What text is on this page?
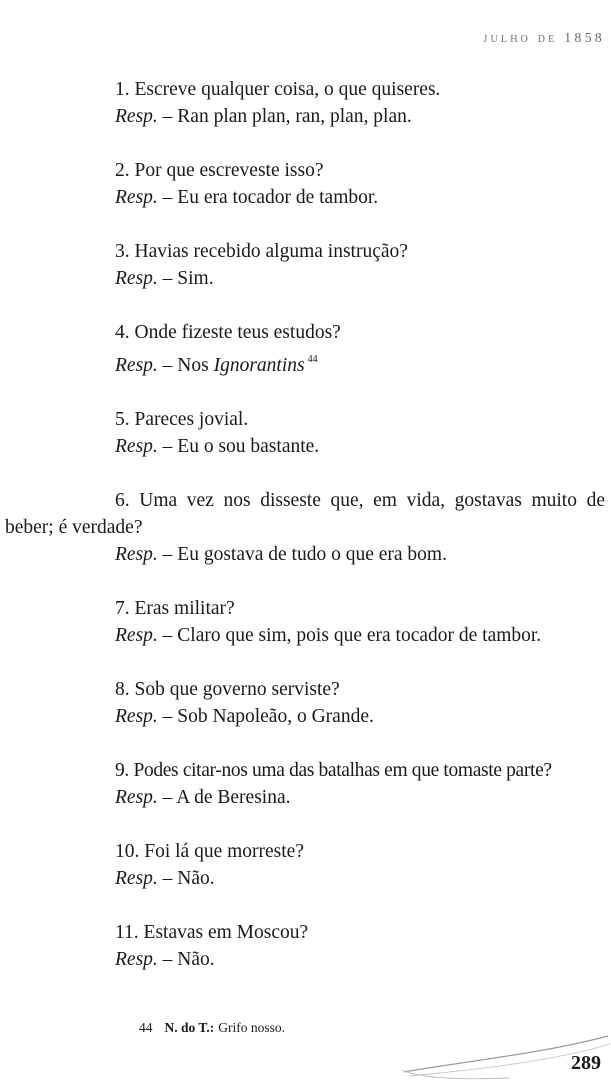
julho de 1858
1. Escreve qualquer coisa, o que quiseres.
Resp. – Ran plan plan, ran, plan, plan.
2. Por que escreveste isso?
Resp. – Eu era tocador de tambor.
3. Havias recebido alguma instrução?
Resp. – Sim.
4. Onde fizeste teus estudos?
Resp. – Nos Ignorantins $^{44}$
5. Pareces jovial.
Resp. – Eu o sou bastante.
6. Uma vez nos disseste que, em vida, gostavas muito de beber; é verdade?
Resp. – Eu gostava de tudo o que era bom.
7. Eras militar?
Resp. – Claro que sim, pois que era tocador de tambor.
8. Sob que governo serviste?
Resp. – Sob Napoleão, o Grande.
9. Podes citar-nos uma das batalhas em que tomaste parte?
Resp. – A de Beresina.
10. Foi lá que morreste?
Resp. – Não.
11. Estavas em Moscou?
Resp. – Não.
44 N. do T.: Grifo nosso.
289
